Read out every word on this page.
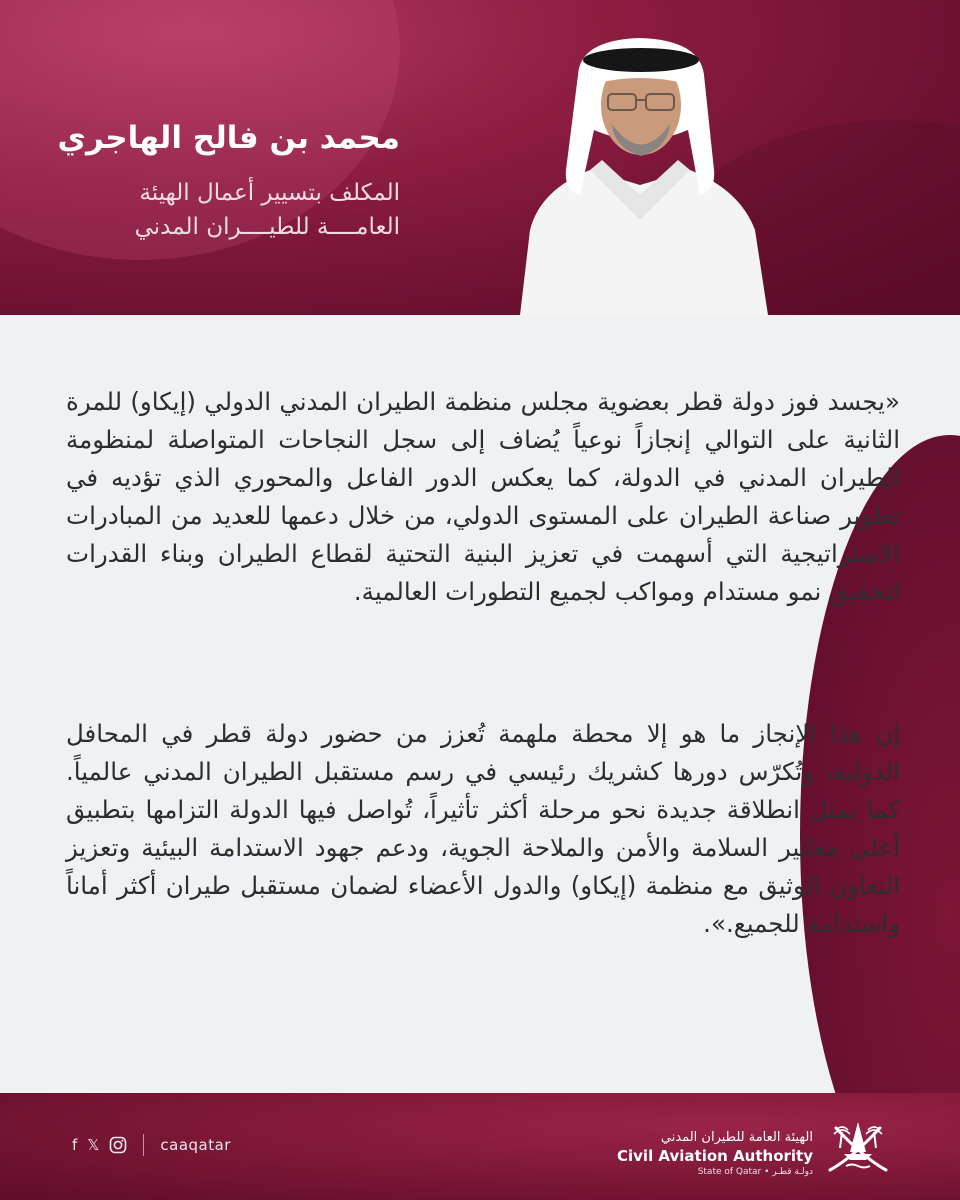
محمد بن فالح الهاجري
المكلف بتسيير أعمال الهيئة
العامــــة للطيــــران المدني

«يجسد فوز دولة قطر بعضوية مجلس منظمة الطيران المدني الدولي (إيكاو) للمرة الثانية على التوالي إنجازاً نوعياً يُضاف إلى سجل النجاحات المتواصلة لمنظومة الطيران المدني في الدولة، كما يعكس الدور الفاعل والمحوري الذي تؤديه في تطوير صناعة الطيران على المستوى الدولي، من خلال دعمها للعديد من المبادرات الاستراتيجية التي أسهمت في تعزيز البنية التحتية لقطاع الطيران وبناء القدرات لتحقيق نمو مستدام ومواكب لجميع التطورات العالمية.

إن هذا الإنجاز ما هو إلا محطة ملهمة تُعزز من حضور دولة قطر في المحافل الدولية، وتُكرّس دورها كشريك رئيسي في رسم مستقبل الطيران المدني عالمياً. كما يمثل انطلاقة جديدة نحو مرحلة أكثر تأثيراً، تُواصل فيها الدولة التزامها بتطبيق أعلى معايير السلامة والأمن والملاحة الجوية، ودعم جهود الاستدامة البيئية وتعزيز التعاون الوثيق مع منظمة (إيكاو) والدول الأعضاء لضمان مستقبل طيران أكثر أماناً واستدامة للجميع.».

f 𝕏	caaqatar	الهيئة العامة للطيران المدني
Civil Aviation Authority
State of Qatar • دولـة قطـر
